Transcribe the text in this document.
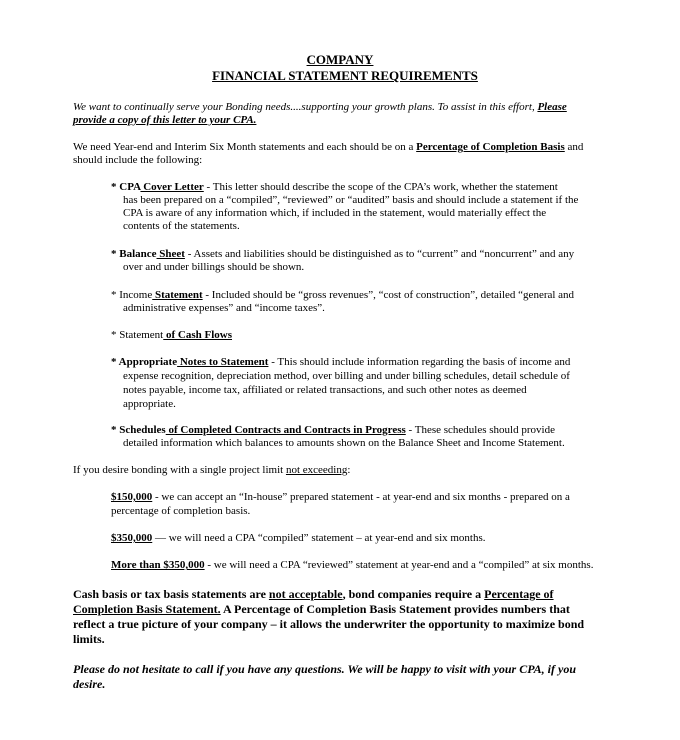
COMPANY
FINANCIAL STATEMENT REQUIREMENTS
We want to continually serve your Bonding needs....supporting your growth plans. To assist in this effort, Please
provide a copy of this letter to your CPA.
We need Year-end and Interim Six Month statements and each should be on a Percentage of Completion Basis and
should include the following:
* CPA Cover Letter - This letter should describe the scope of the CPA’s work, whether the statement
has been prepared on a “compiled”, “reviewed” or “audited” basis and should include a statement if the
CPA is aware of any information which, if included in the statement, would materially effect the
contents of the statements.
* Balance Sheet - Assets and liabilities should be distinguished as to “current” and “noncurrent” and any
over and under billings should be shown.
* Income Statement - Included should be “gross revenues”, “cost of construction”, detailed “general and
administrative expenses” and “income taxes”.
* Statement of Cash Flows
* Appropriate Notes to Statement - This should include information regarding the basis of income and
expense recognition, depreciation method, over billing and under billing schedules, detail schedule of
notes payable, income tax, affiliated or related transactions, and such other notes as deemed
appropriate.
* Schedules of Completed Contracts and Contracts in Progress - These schedules should provide
detailed information which balances to amounts shown on the Balance Sheet and Income Statement.
If you desire bonding with a single project limit not exceeding:
$150,000 - we can accept an “In-house” prepared statement - at year-end and six months - prepared on a
percentage of completion basis.
$350,000 — we will need a CPA “compiled” statement – at year-end and six months.
More than $350,000 - we will need a CPA “reviewed” statement at year-end and a “compiled” at six months.
Cash basis or tax basis statements are not acceptable, bond companies require a Percentage of
Completion Basis Statement. A Percentage of Completion Basis Statement provides numbers that
reflect a true picture of your company – it allows the underwriter the opportunity to maximize bond
limits.
Please do not hesitate to call if you have any questions. We will be happy to visit with your CPA, if you
desire.
